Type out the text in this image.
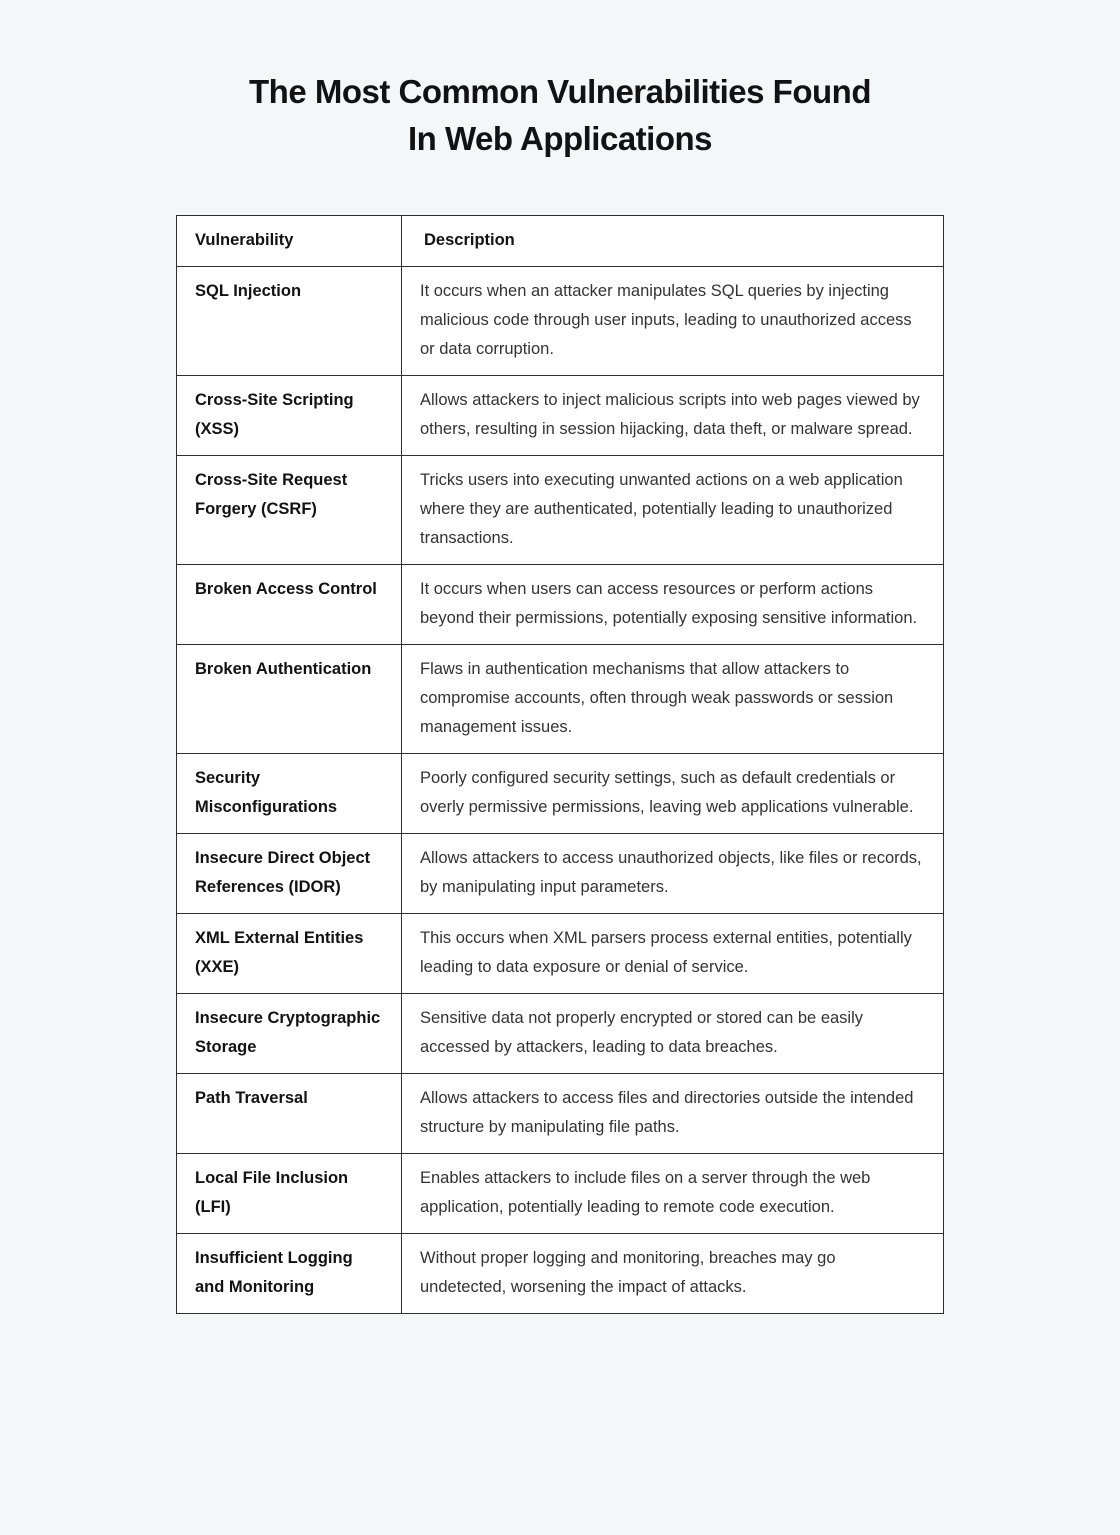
The Most Common Vulnerabilities Found
In Web Applications
Vulnerability	Description
SQL Injection	It occurs when an attacker manipulates SQL queries by injecting malicious code through user inputs, leading to unauthorized access or data corruption.
Cross-Site Scripting (XSS)	Allows attackers to inject malicious scripts into web pages viewed by others, resulting in session hijacking, data theft, or malware spread.
Cross-Site Request Forgery (CSRF)	Tricks users into executing unwanted actions on a web application where they are authenticated, potentially leading to unauthorized transactions.
Broken Access Control	It occurs when users can access resources or perform actions beyond their permissions, potentially exposing sensitive information.
Broken Authentication	Flaws in authentication mechanisms that allow attackers to compromise accounts, often through weak passwords or session management issues.
Security Misconfigurations	Poorly configured security settings, such as default credentials or overly permissive permissions, leaving web applications vulnerable.
Insecure Direct Object References (IDOR)	Allows attackers to access unauthorized objects, like files or records, by manipulating input parameters.
XML External Entities (XXE)	This occurs when XML parsers process external entities, potentially leading to data exposure or denial of service.
Insecure Cryptographic Storage	Sensitive data not properly encrypted or stored can be easily accessed by attackers, leading to data breaches.
Path Traversal	Allows attackers to access files and directories outside the intended structure by manipulating file paths.
Local File Inclusion (LFI)	Enables attackers to include files on a server through the web application, potentially leading to remote code execution.
Insufficient Logging and Monitoring	Without proper logging and monitoring, breaches may go undetected, worsening the impact of attacks.
